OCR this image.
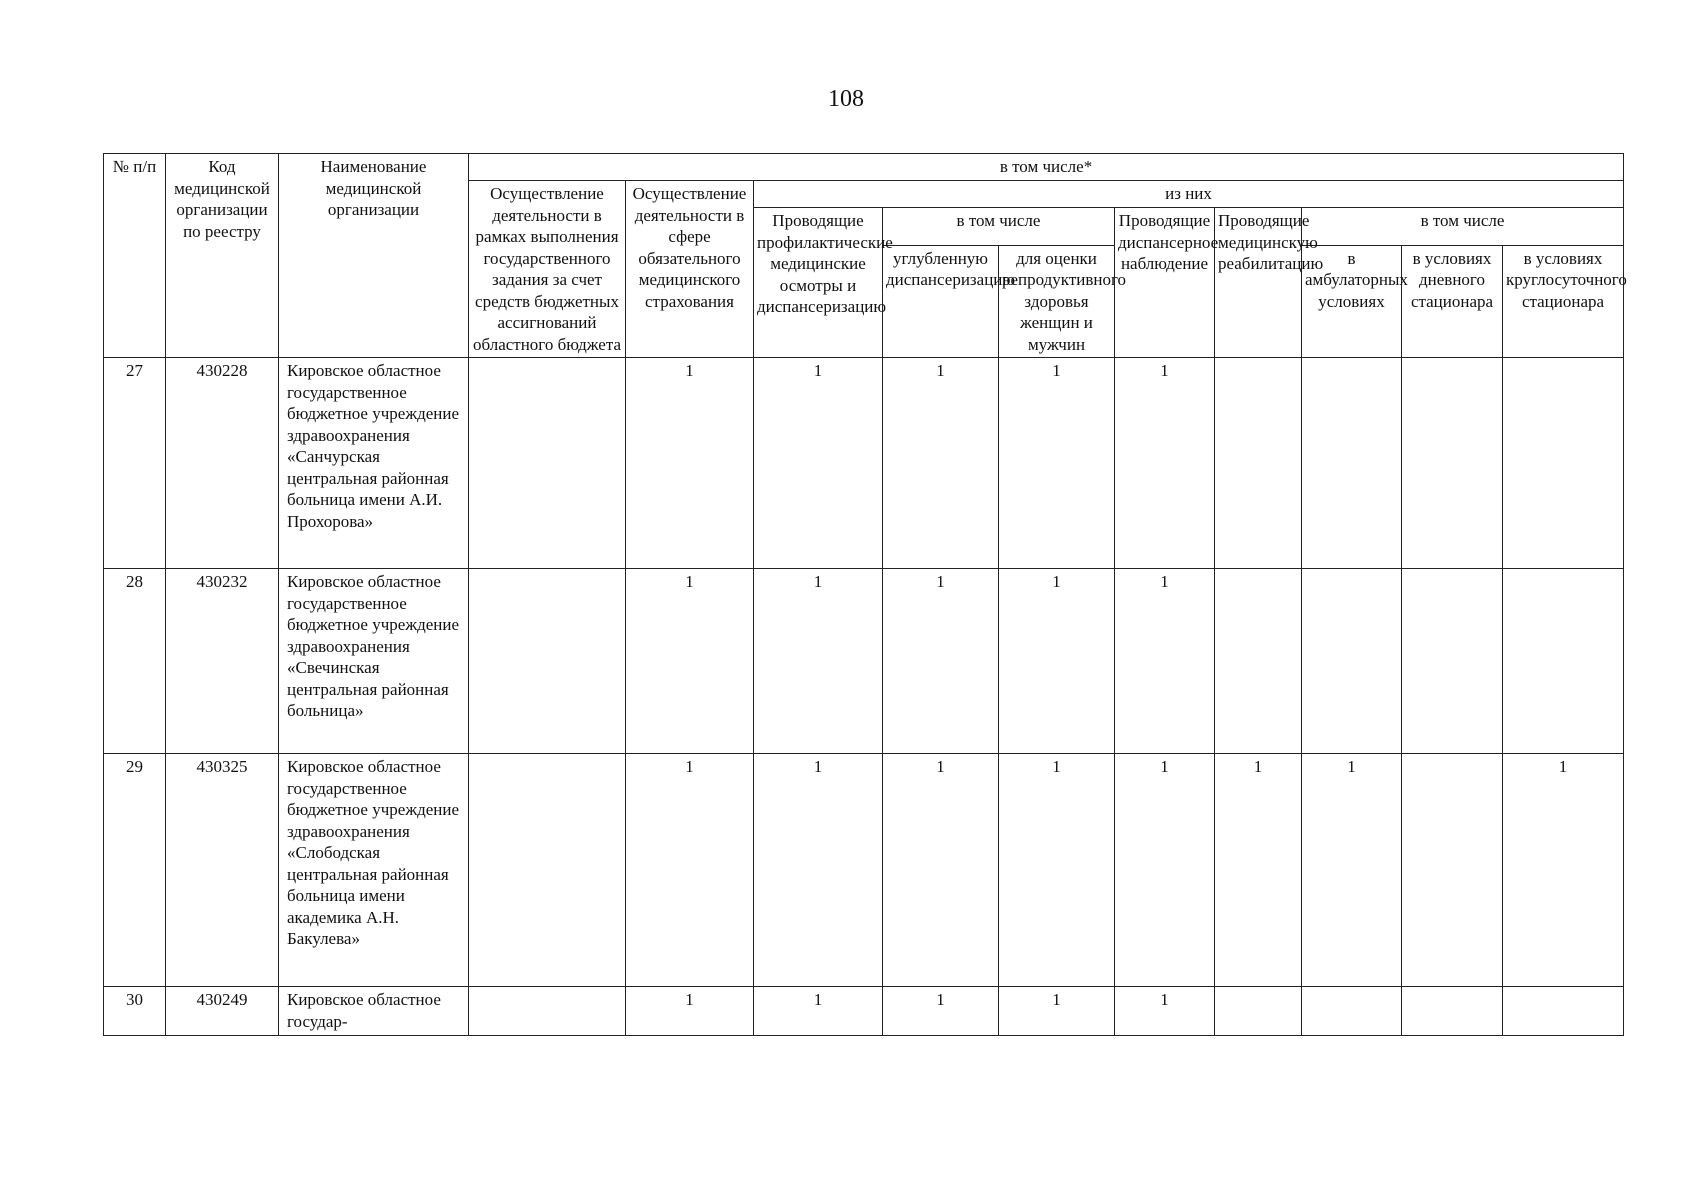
108
№ п/п	Код медицинской организации по реестру	Наименование медицинской организации	в том числе*									
			Осуществление деятельности в рамках выполнения государственного задания за счет средств бюджетных ассигнований областного бюджета	Осуществление деятельности в сфере обязательного медицинского страхования	из них							
					Проводящие профилактические медицинские осмотры и диспансеризацию	в том числе		Проводящие диспансерное наблюдение	Проводящие медицинскую реабилитацию	в том числе		
						углубленную диспансеризацию	для оценки репродуктивного здоровья женщин и мужчин			в амбулаторных условиях	в условиях дневного стационара	в условиях круглосуточного стационара
27	430228	Кировское областное государственное бюджетное учреждение здравоохранения «Санчурская центральная районная больница имени А.И. Прохорова»		1	1	1	1	1				
28	430232	Кировское областное государственное бюджетное учреждение здравоохранения «Свечинская центральная районная больница»		1	1	1	1	1				
29	430325	Кировское областное государственное бюджетное учреждение здравоохранения «Слободская центральная районная больница имени академика А.Н. Бакулева»		1	1	1	1	1	1	1		1
30	430249	Кировское областное государ-		1	1	1	1	1				
